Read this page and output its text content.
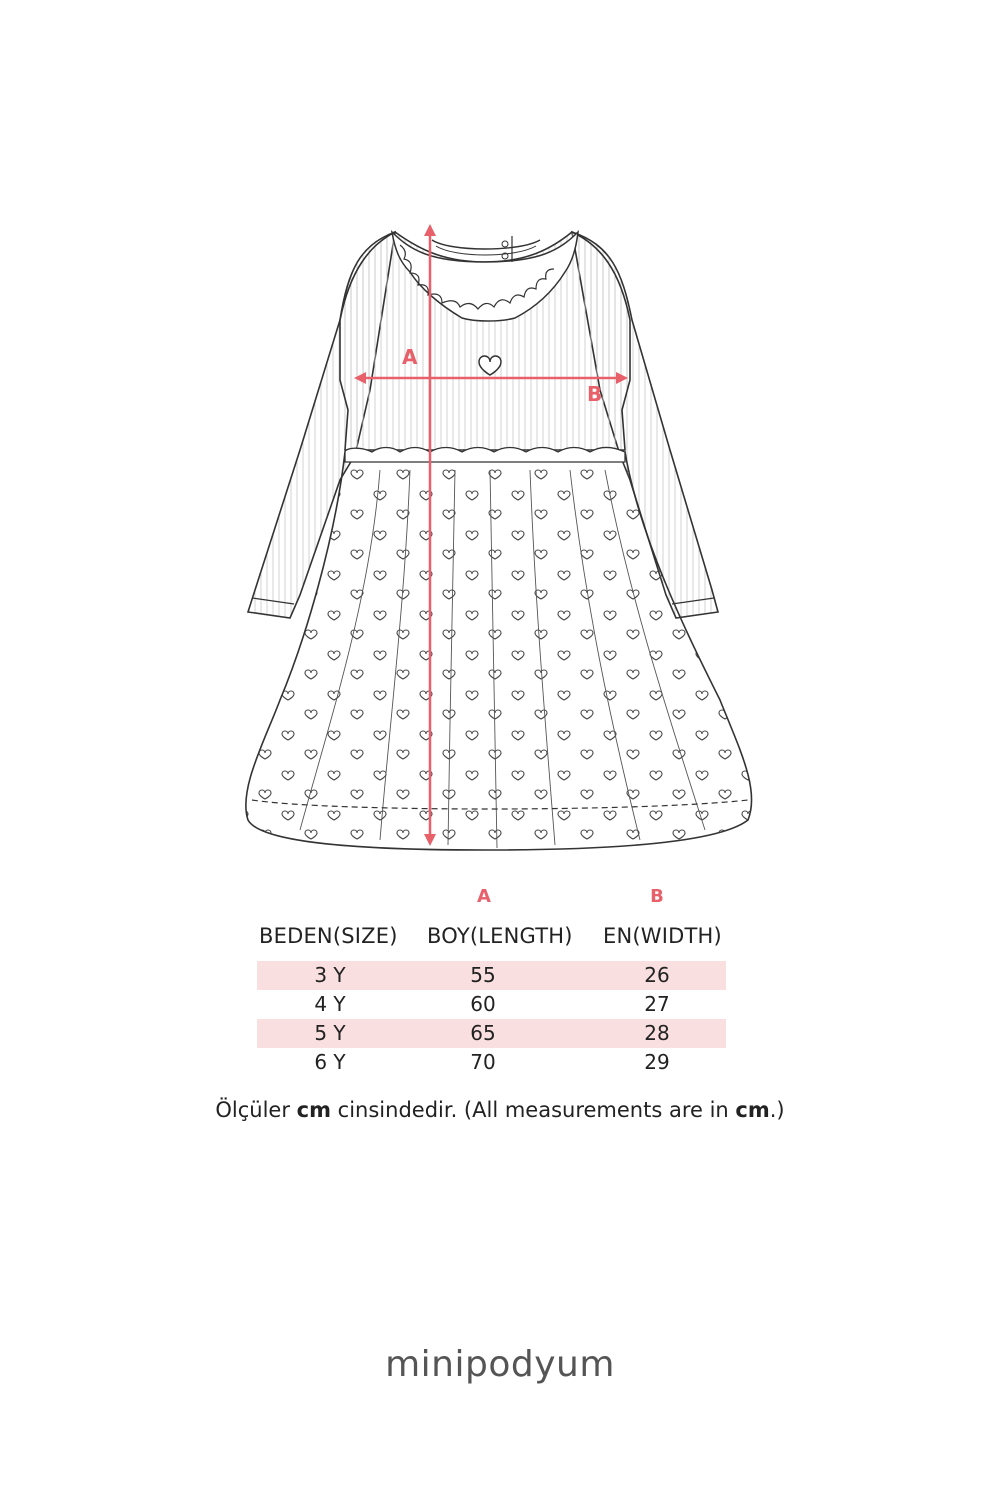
A
B
A	B
BEDEN(SIZE) BOY(LENGTH) EN(WIDTH)
3 Y	55	26
4 Y	60	27
5 Y	65	28
6 Y	70	29
Ölçüler cm cinsindedir. (All measurements are in cm.)
minipodyum
